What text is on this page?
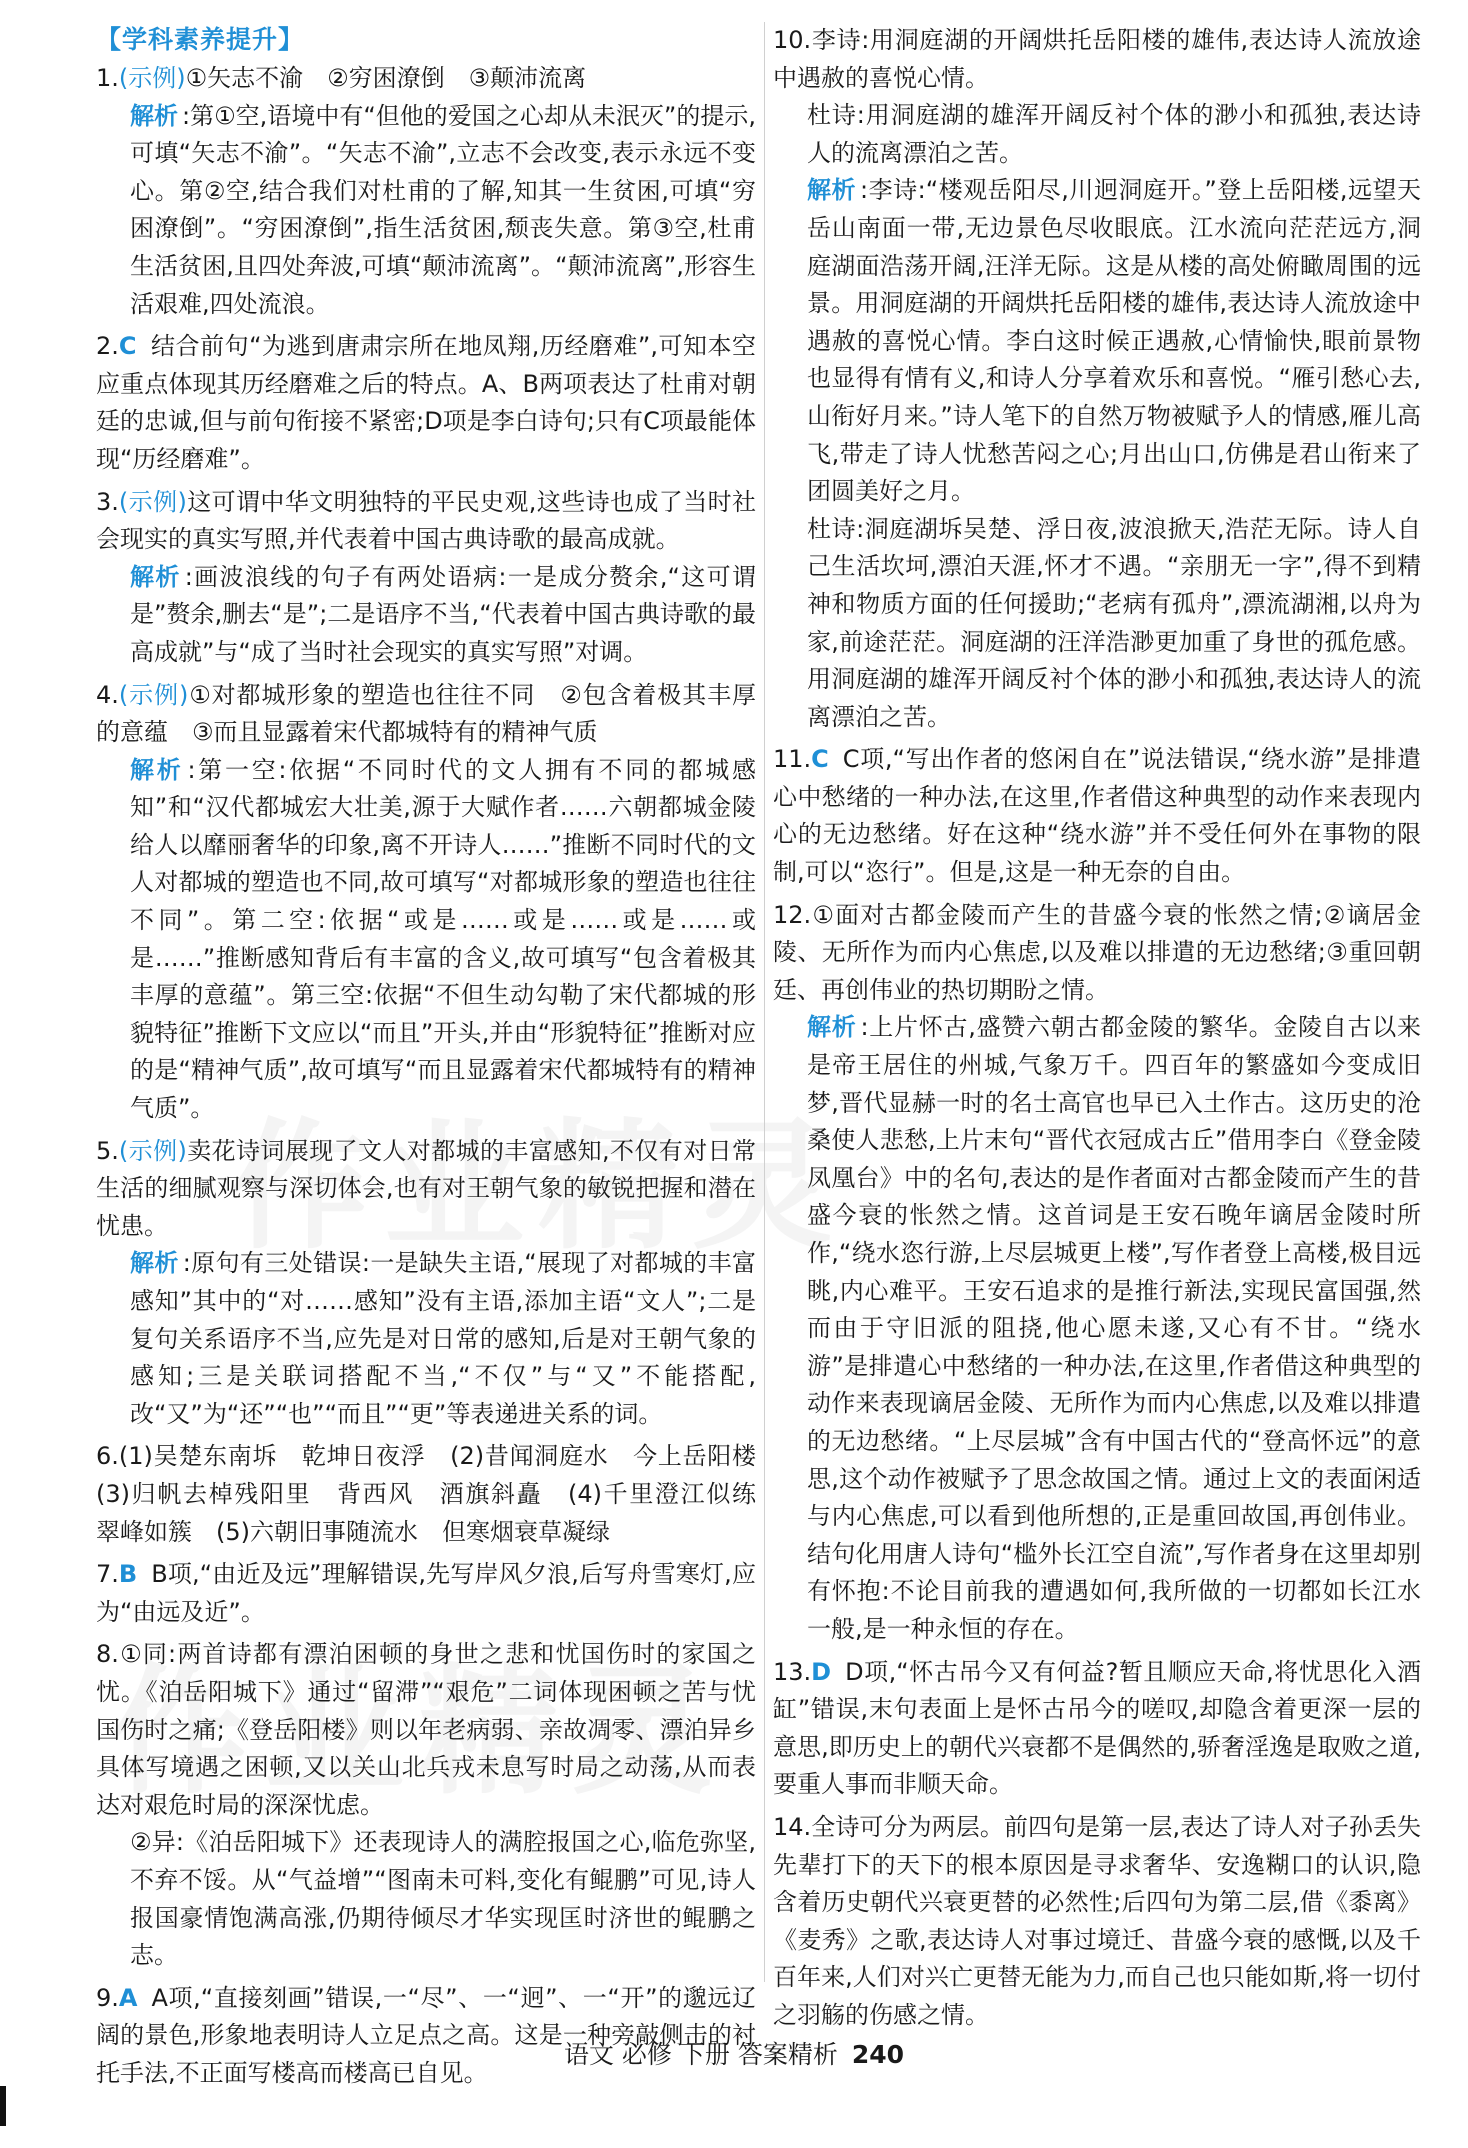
【学科素养提升】

1.(示例)①矢志不渝　②穷困潦倒　③颠沛流离

解析 :第①空,语境中有“但他的爱国之心却从未泯灭”的提示,可填“矢志不渝”。“矢志不渝”,立志不会改变,表示永远不变心。第②空,结合我们对杜甫的了解,知其一生贫困,可填“穷困潦倒”。“穷困潦倒”,指生活贫困,颓丧失意。第③空,杜甫生活贫困,且四处奔波,可填“颠沛流离”。“颠沛流离”,形容生活艰难,四处流浪。

2.C 结合前句“为逃到唐肃宗所在地凤翔,历经磨难”,可知本空应重点体现其历经磨难之后的特点。A、B两项表达了杜甫对朝廷的忠诚,但与前句衔接不紧密;D项是李白诗句;只有C项最能体现“历经磨难”。

3.(示例)这可谓中华文明独特的平民史观,这些诗也成了当时社会现实的真实写照,并代表着中国古典诗歌的最高成就。

解析 :画波浪线的句子有两处语病:一是成分赘余,“这可谓是”赘余,删去“是”;二是语序不当,“代表着中国古典诗歌的最高成就”与“成了当时社会现实的真实写照”对调。

4.(示例)①对都城形象的塑造也往往不同　②包含着极其丰厚的意蕴　③而且显露着宋代都城特有的精神气质

解析 :第一空:依据“不同时代的文人拥有不同的都城感知”和“汉代都城宏大壮美,源于大赋作者……六朝都城金陵给人以靡丽奢华的印象,离不开诗人……”推断不同时代的文人对都城的塑造也不同,故可填写“对都城形象的塑造也往往不同”。第二空:依据“或是……或是……或是……或是……”推断感知背后有丰富的含义,故可填写“包含着极其丰厚的意蕴”。第三空:依据“不但生动勾勒了宋代都城的形貌特征”推断下文应以“而且”开头,并由“形貌特征”推断对应的是“精神气质”,故可填写“而且显露着宋代都城特有的精神气质”。

5.(示例)卖花诗词展现了文人对都城的丰富感知,不仅有对日常生活的细腻观察与深切体会,也有对王朝气象的敏锐把握和潜在忧患。

解析 :原句有三处错误:一是缺失主语,“展现了对都城的丰富感知”其中的“对……感知”没有主语,添加主语“文人”;二是复句关系语序不当,应先是对日常的感知,后是对王朝气象的感知;三是关联词搭配不当,“不仅”与“又”不能搭配,改“又”为“还”“也”“而且”“更”等表递进关系的词。

6.(1)吴楚东南坼　乾坤日夜浮　(2)昔闻洞庭水　今上岳阳楼　(3)归帆去棹残阳里　背西风　酒旗斜矗　(4)千里澄江似练　翠峰如簇　(5)六朝旧事随流水　但寒烟衰草凝绿

7.B B项,“由近及远”理解错误,先写岸风夕浪,后写舟雪寒灯,应为“由远及近”。

8.①同:两首诗都有漂泊困顿的身世之悲和忧国伤时的家国之忧。《泊岳阳城下》通过“留滞”“艰危”二词体现困顿之苦与忧国伤时之痛;《登岳阳楼》则以年老病弱、亲故凋零、漂泊异乡具体写境遇之困顿,又以关山北兵戎未息写时局之动荡,从而表达对艰危时局的深深忧虑。

②异:《泊岳阳城下》还表现诗人的满腔报国之心,临危弥坚,不弃不馁。从“气益增”“图南未可料,变化有鲲鹏”可见,诗人报国豪情饱满高涨,仍期待倾尽才华实现匡时济世的鲲鹏之志。

9.A A项,“直接刻画”错误,一“尽”、一“迥”、一“开”的邈远辽阔的景色,形象地表明诗人立足点之高。这是一种旁敲侧击的衬托手法,不正面写楼高而楼高已自见。

10.李诗:用洞庭湖的开阔烘托岳阳楼的雄伟,表达诗人流放途中遇赦的喜悦心情。

杜诗:用洞庭湖的雄浑开阔反衬个体的渺小和孤独,表达诗人的流离漂泊之苦。

解析 :李诗:“楼观岳阳尽,川迥洞庭开。”登上岳阳楼,远望天岳山南面一带,无边景色尽收眼底。江水流向茫茫远方,洞庭湖面浩荡开阔,汪洋无际。这是从楼的高处俯瞰周围的远景。用洞庭湖的开阔烘托岳阳楼的雄伟,表达诗人流放途中遇赦的喜悦心情。李白这时候正遇赦,心情愉快,眼前景物也显得有情有义,和诗人分享着欢乐和喜悦。“雁引愁心去,山衔好月来。”诗人笔下的自然万物被赋予人的情感,雁儿高飞,带走了诗人忧愁苦闷之心;月出山口,仿佛是君山衔来了团圆美好之月。

杜诗:洞庭湖坼吴楚、浮日夜,波浪掀天,浩茫无际。诗人自己生活坎坷,漂泊天涯,怀才不遇。“亲朋无一字”,得不到精神和物质方面的任何援助;“老病有孤舟”,漂流湖湘,以舟为家,前途茫茫。洞庭湖的汪洋浩渺更加重了身世的孤危感。用洞庭湖的雄浑开阔反衬个体的渺小和孤独,表达诗人的流离漂泊之苦。

11.C C项,“写出作者的悠闲自在”说法错误,“绕水游”是排遣心中愁绪的一种办法,在这里,作者借这种典型的动作来表现内心的无边愁绪。好在这种“绕水游”并不受任何外在事物的限制,可以“恣行”。但是,这是一种无奈的自由。

12.①面对古都金陵而产生的昔盛今衰的怅然之情;②谪居金陵、无所作为而内心焦虑,以及难以排遣的无边愁绪;③重回朝廷、再创伟业的热切期盼之情。

解析 :上片怀古,盛赞六朝古都金陵的繁华。金陵自古以来是帝王居住的州城,气象万千。四百年的繁盛如今变成旧梦,晋代显赫一时的名士高官也早已入土作古。这历史的沧桑使人悲愁,上片末句“晋代衣冠成古丘”借用李白《登金陵凤凰台》中的名句,表达的是作者面对古都金陵而产生的昔盛今衰的怅然之情。这首词是王安石晚年谪居金陵时所作,“绕水恣行游,上尽层城更上楼”,写作者登上高楼,极目远眺,内心难平。王安石追求的是推行新法,实现民富国强,然而由于守旧派的阻挠,他心愿未遂,又心有不甘。“绕水游”是排遣心中愁绪的一种办法,在这里,作者借这种典型的动作来表现谪居金陵、无所作为而内心焦虑,以及难以排遣的无边愁绪。“上尽层城”含有中国古代的“登高怀远”的意思,这个动作被赋予了思念故国之情。通过上文的表面闲适与内心焦虑,可以看到他所想的,正是重回故国,再创伟业。结句化用唐人诗句“槛外长江空自流”,写作者身在这里却别有怀抱:不论目前我的遭遇如何,我所做的一切都如长江水一般,是一种永恒的存在。

13.D D项,“怀古吊今又有何益?暂且顺应天命,将忧思化入酒缸”错误,末句表面上是怀古吊今的嗟叹,却隐含着更深一层的意思,即历史上的朝代兴衰都不是偶然的,骄奢淫逸是取败之道,要重人事而非顺天命。

14.全诗可分为两层。前四句是第一层,表达了诗人对子孙丢失先辈打下的天下的根本原因是寻求奢华、安逸糊口的认识,隐含着历史朝代兴衰更替的必然性;后四句为第二层,借《黍离》《麦秀》之歌,表达诗人对事过境迁、昔盛今衰的感慨,以及千百年来,人们对兴亡更替无能为力,而自己也只能如斯,将一切付之羽觞的伤感之情。

语文 必修 下册 答案精析 240
